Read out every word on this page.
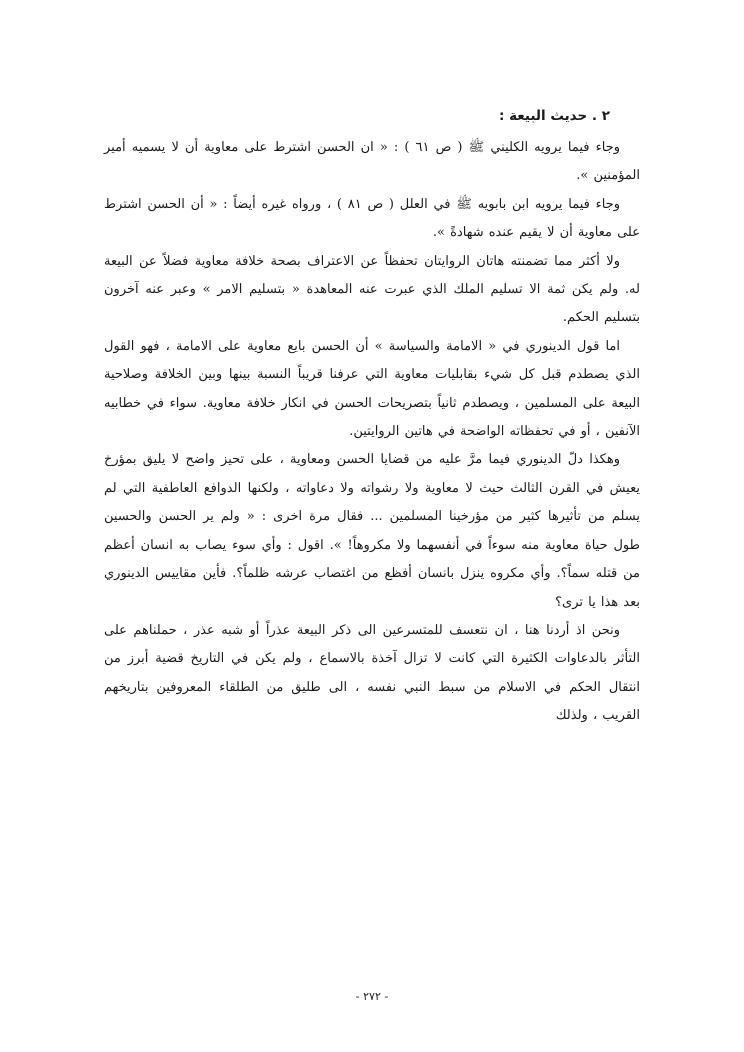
٢ . حديث البيعة :

وجاء فيما يرويه الكليني ﷺ ( ص ٦١ ) : « ان الحسن اشترط على معاوية أن لا يسميه أمير المؤمنين ».

وجاء فيما يرويه ابن بابويه ﷺ في العلل ( ص ٨١ ) ، ورواه غيره أيضاً : « أن الحسن اشترط على معاوية أن لا يقيم عنده شهادةً ».

ولا أكثر مما تضمنته هاتان الروايتان تحفظاً عن الاعتراف بصحة خلافة معاوية فضلاً عن البيعة له. ولم يكن ثمة الا تسليم الملك الذي عبرت عنه المعاهدة « بتسليم الامر » وعبر عنه آخرون بتسليم الحكم.

اما قول الدينوري في « الامامة والسياسة » أن الحسن بايع معاوية على الامامة ، فهو القول الذي يصطدم قبل كل شيء بقابليات معاوية التي عرفنا قريباً النسبة بينها وبين الخلافة وصلاحية البيعة على المسلمين ، ويصطدم ثانياً بتصريحات الحسن في انكار خلافة معاوية. سواء في خطابيه الآنفين ، أو في تحفظاته الواضحة في هاتين الروايتين.

وهكذا دلّ الدينوري فيما مرَّ عليه من قضايا الحسن ومعاوية ، على تحيز واضح لا يليق بمؤرخ يعيش في القرن الثالث حيث لا معاوية ولا رشواته ولا دعاواته ، ولكنها الدوافع العاطفية التي لم يسلم من تأثيرها كثير من مؤرخينا المسلمين ... فقال مرة اخرى : « ولم ير الحسن والحسين طول حياة معاوية منه سوءاً في أنفسهما ولا مكروهاً! ». اقول : وأي سوء يصاب به انسان أعظم من قتله سماً؟. وأي مكروه ينزل بانسان أفظع من اغتصاب عرشه ظلماً؟. فأين مقاييس الدينوري بعد هذا يا ترى؟

ونحن اذ أردنا هنا ، ان نتعسف للمتسرعين الى ذكر البيعة عذراً أو شبه عذر ، حملناهم على التأثر بالدعاوات الكثيرة التي كانت لا تزال آخذة بالاسماع ، ولم يكن في التاريخ قضية أبرز من انتقال الحكم في الاسلام من سبط النبي نفسه ، الى طليق من الطلقاء المعروفين بتاريخهم القريب ، ولذلك

- ٢٧٢ -
